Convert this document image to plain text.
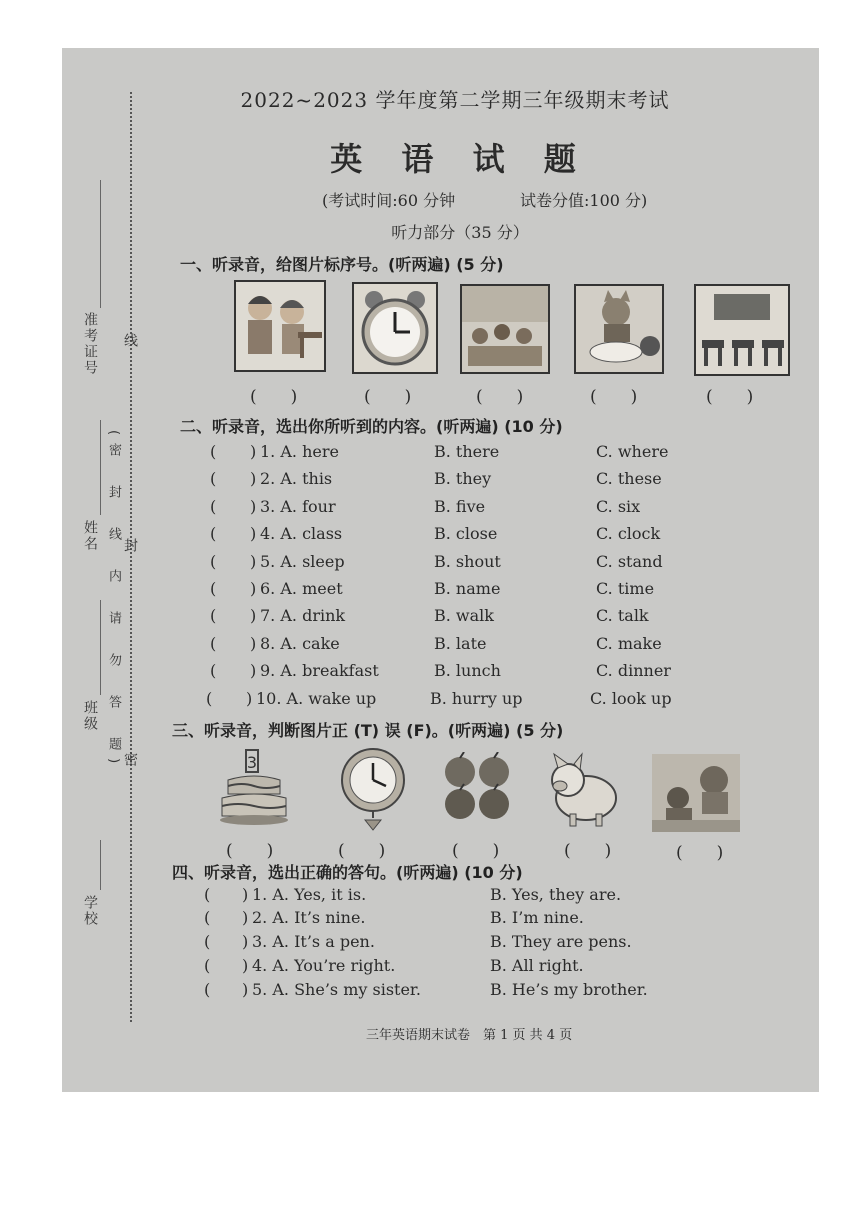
学校
班级
姓名
准考证号
(密　封　线　内　请　勿　答　题) 密
封
线
2022~2023 学年度第二学期三年级期末考试
英 语 试 题
(考试时间:60 分钟	试卷分值:100 分)
听力部分（35 分）
一、听录音，给图片标序号。(听两遍) (5 分)
(　　)	(　　)	(　　)	(　　)	(　　)
二、听录音，选出你所听到的内容。(听两遍) (10 分)
( ) 1. A. here	B. there	C. where
( ) 2. A. this	B. they	C. these
( ) 3. A. four	B. five	C. six
( ) 4. A. class	B. close	C. clock
( ) 5. A. sleep	B. shout	C. stand
( ) 6. A. meet	B. name	C. time
( ) 7. A. drink	B. walk	C. talk
( ) 8. A. cake	B. late	C. make
( ) 9. A. breakfast	B. lunch	C. dinner
( ) 10. A. wake up	B. hurry up	C. look up
三、听录音，判断图片正 (T) 误 (F)。(听两遍) (5 分)
3
(　　)	(　　)	(　　)	(　　)	(　　)
四、听录音，选出正确的答句。(听两遍) (10 分)
( ) 1. A. Yes, it is.	B. Yes, they are.
( ) 2. A. It’s nine.	B. I’m nine.
( ) 3. A. It’s a pen.	B. They are pens.
( ) 4. A. You’re right.	B. All right.
( ) 5. A. She’s my sister.	B. He’s my brother.
三年英语期末试卷　第 1 页 共 4 页
